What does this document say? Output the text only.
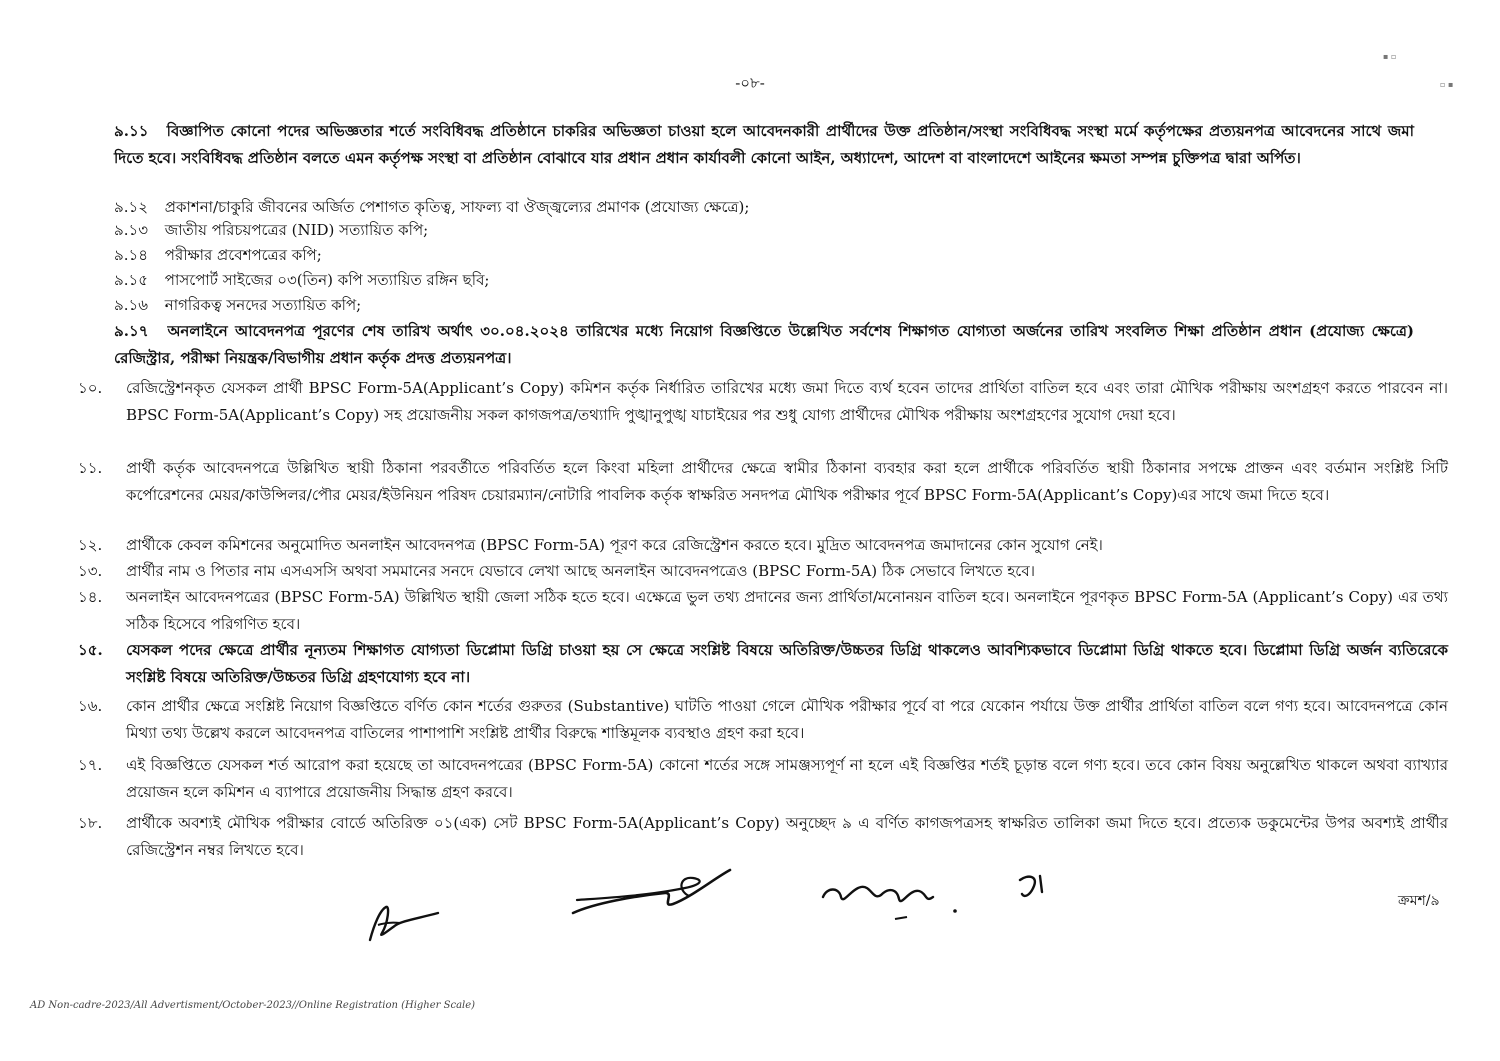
-০৮-
৯.১১ বিজ্ঞাপিত কোনো পদের অভিজ্ঞতার শর্তে সংবিধিবদ্ধ প্রতিষ্ঠানে চাকরির অভিজ্ঞতা চাওয়া হলে আবেদনকারী প্রার্থীদের উক্ত প্রতিষ্ঠান/সংস্থা সংবিধিবদ্ধ সংস্থা মর্মে কর্তৃপক্ষের প্রত্যয়নপত্র আবেদনের সাথে জমা দিতে হবে। সংবিধিবদ্ধ প্রতিষ্ঠান বলতে এমন কর্তৃপক্ষ সংস্থা বা প্রতিষ্ঠান বোঝাবে যার প্রধান প্রধান কার্যাবলী কোনো আইন, অধ্যাদেশ, আদেশ বা বাংলাদেশে আইনের ক্ষমতা সম্পন্ন চুক্তিপত্র দ্বারা অর্পিত।
৯.১২ প্রকাশনা/চাকুরি জীবনের অর্জিত পেশাগত কৃতিত্ব, সাফল্য বা ঔজ্জ্বল্যের প্রমাণক (প্রযোজ্য ক্ষেত্রে);
৯.১৩ জাতীয় পরিচয়পত্রের (NID) সত্যায়িত কপি;
৯.১৪ পরীক্ষার প্রবেশপত্রের কপি;
৯.১৫ পাসপোর্ট সাইজের ০৩(তিন) কপি সত্যায়িত রঙ্গিন ছবি;
৯.১৬ নাগরিকত্ব সনদের সত্যায়িত কপি;
৯.১৭ অনলাইনে আবেদনপত্র পূরণের শেষ তারিখ অর্থাৎ ৩০.০৪.২০২৪ তারিখের মধ্যে নিয়োগ বিজ্ঞপ্তিতে উল্লেখিত সর্বশেষ শিক্ষাগত যোগ্যতা অর্জনের তারিখ সংবলিত শিক্ষা প্রতিষ্ঠান প্রধান (প্রযোজ্য ক্ষেত্রে) রেজিস্ট্রার, পরীক্ষা নিয়ন্ত্রক/বিভাগীয় প্রধান কর্তৃক প্রদত্ত প্রত্যয়নপত্র।
১০.	রেজিস্ট্রেশনকৃত যেসকল প্রার্থী BPSC Form-5A(Applicant’s Copy) কমিশন কর্তৃক নির্ধারিত তারিখের মধ্যে জমা দিতে ব্যর্থ হবেন তাদের প্রার্থিতা বাতিল হবে এবং তারা মৌখিক পরীক্ষায় অংশগ্রহণ করতে পারবেন না। BPSC Form-5A(Applicant’s Copy) সহ প্রয়োজনীয় সকল কাগজপত্র/তথ্যাদি পুঙ্খানুপুঙ্খ যাচাইয়ের পর শুধু যোগ্য প্রার্থীদের মৌখিক পরীক্ষায় অংশগ্রহণের সুযোগ দেয়া হবে।
১১.	প্রার্থী কর্তৃক আবেদনপত্রে উল্লিখিত স্থায়ী ঠিকানা পরবর্তীতে পরিবর্তিত হলে কিংবা মহিলা প্রার্থীদের ক্ষেত্রে স্বামীর ঠিকানা ব্যবহার করা হলে প্রার্থীকে পরিবর্তিত স্থায়ী ঠিকানার সপক্ষে প্রাক্তন এবং বর্তমান সংশ্লিষ্ট সিটি কর্পোরেশনের মেয়র/কাউন্সিলর/পৌর মেয়র/ইউনিয়ন পরিষদ চেয়ারম্যান/নোটারি পাবলিক কর্তৃক স্বাক্ষরিত সনদপত্র মৌখিক পরীক্ষার পূর্বে BPSC Form-5A(Applicant’s Copy)এর সাথে জমা দিতে হবে।
১২.	প্রার্থীকে কেবল কমিশনের অনুমোদিত অনলাইন আবেদনপত্র (BPSC Form-5A) পূরণ করে রেজিস্ট্রেশন করতে হবে। মুদ্রিত আবেদনপত্র জমাদানের কোন সুযোগ নেই।
১৩.	প্রার্থীর নাম ও পিতার নাম এসএসসি অথবা সমমানের সনদে যেভাবে লেখা আছে অনলাইন আবেদনপত্রেও (BPSC Form-5A) ঠিক সেভাবে লিখতে হবে।
১৪.	অনলাইন আবেদনপত্রের (BPSC Form-5A) উল্লিখিত স্থায়ী জেলা সঠিক হতে হবে। এক্ষেত্রে ভুল তথ্য প্রদানের জন্য প্রার্থিতা/মনোনয়ন বাতিল হবে। অনলাইনে পূরণকৃত BPSC Form-5A (Applicant’s Copy) এর তথ্য সঠিক হিসেবে পরিগণিত হবে।
১৫.	যেসকল পদের ক্ষেত্রে প্রার্থীর নূন্যতম শিক্ষাগত যোগ্যতা ডিপ্লোমা ডিগ্রি চাওয়া হয় সে ক্ষেত্রে সংশ্লিষ্ট বিষয়ে অতিরিক্ত/উচ্চতর ডিগ্রি থাকলেও আবশ্যিকভাবে ডিপ্লোমা ডিগ্রি থাকতে হবে। ডিপ্লোমা ডিগ্রি অর্জন ব্যতিরেকে সংশ্লিষ্ট বিষয়ে অতিরিক্ত/উচ্চতর ডিগ্রি গ্রহণযোগ্য হবে না।
১৬.	কোন প্রার্থীর ক্ষেত্রে সংশ্লিষ্ট নিয়োগ বিজ্ঞপ্তিতে বর্ণিত কোন শর্তের গুরুতর (Substantive) ঘাটতি পাওয়া গেলে মৌখিক পরীক্ষার পূর্বে বা পরে যেকোন পর্যায়ে উক্ত প্রার্থীর প্রার্থিতা বাতিল বলে গণ্য হবে। আবেদনপত্রে কোন মিথ্যা তথ্য উল্লেখ করলে আবেদনপত্র বাতিলের পাশাপাশি সংশ্লিষ্ট প্রার্থীর বিরুদ্ধে শাস্তিমূলক ব্যবস্থাও গ্রহণ করা হবে।
১৭.	এই বিজ্ঞপ্তিতে যেসকল শর্ত আরোপ করা হয়েছে তা আবেদনপত্রের (BPSC Form-5A) কোনো শর্তের সঙ্গে সামঞ্জস্যপূর্ণ না হলে এই বিজ্ঞপ্তির শর্তই চূড়ান্ত বলে গণ্য হবে। তবে কোন বিষয় অনুল্লেখিত থাকলে অথবা ব্যাখ্যার প্রয়োজন হলে কমিশন এ ব্যাপারে প্রয়োজনীয় সিদ্ধান্ত গ্রহণ করবে।
১৮.	প্রার্থীকে অবশ্যই মৌখিক পরীক্ষার বোর্ডে অতিরিক্ত ০১(এক) সেট BPSC Form-5A(Applicant’s Copy) অনুচ্ছেদ ৯ এ বর্ণিত কাগজপত্রসহ স্বাক্ষরিত তালিকা জমা দিতে হবে। প্রত্যেক ডকুমেন্টের উপর অবশ্যই প্রার্থীর রেজিস্ট্রেশন নম্বর লিখতে হবে।
ক্রমশ/৯
AD Non-cadre-2023/All Advertisment/October-2023//Online Registration (Higher Scale)
▪ ▫
▫ ▪
